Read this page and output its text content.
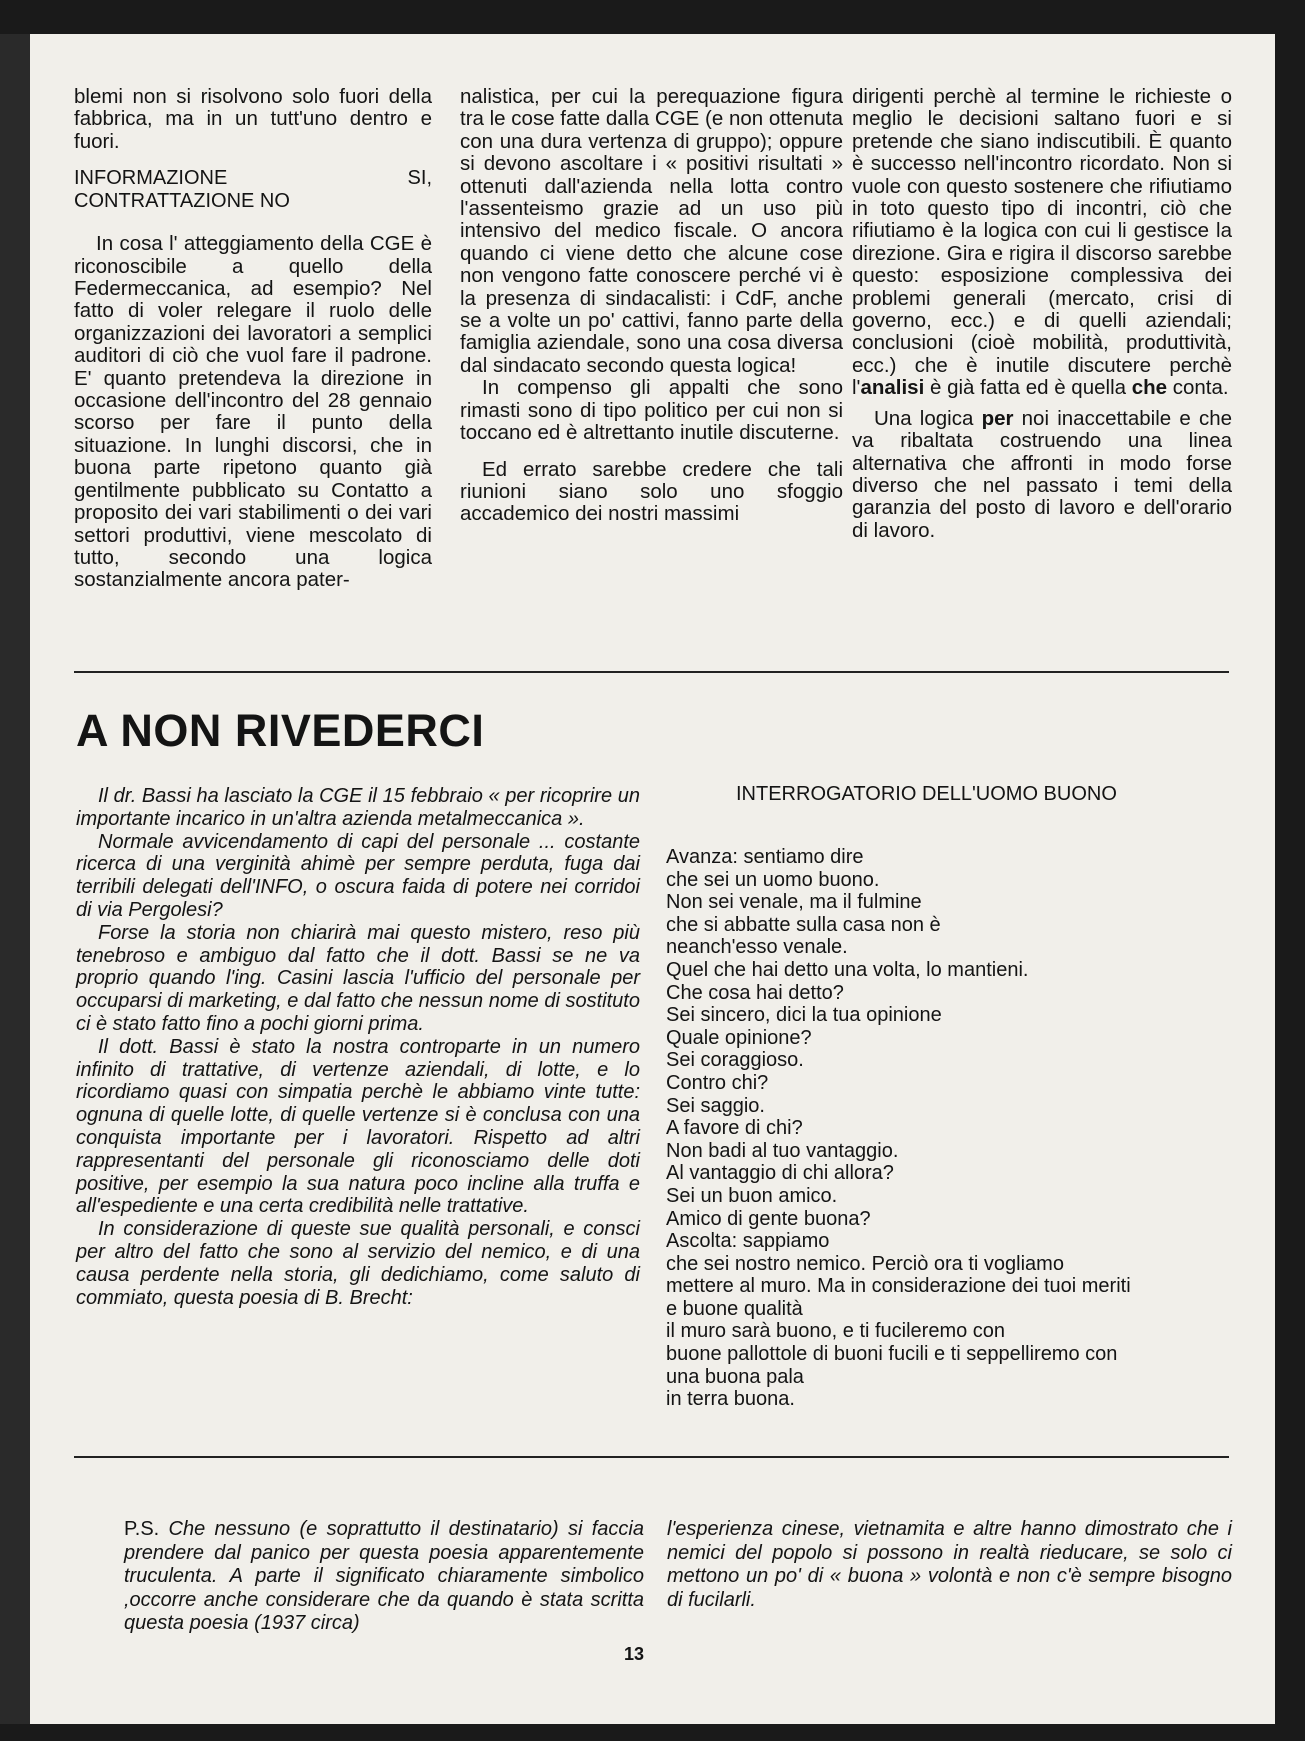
blemi non si risolvono solo fuori della fabbrica, ma in un tutt'uno dentro e fuori.

INFORMAZIONE SI, CONTRATTAZIONE NO

In cosa l' atteggiamento della CGE è riconoscibile a quello della Federmeccanica, ad esempio? Nel fatto di voler relegare il ruolo delle organizzazioni dei lavoratori a semplici auditori di ciò che vuol fare il padrone. E' quanto pretendeva la direzione in occasione dell'incontro del 28 gennaio scorso per fare il punto della situazione. In lunghi discorsi, che in buona parte ripetono quanto già gentilmente pubblicato su Contatto a proposito dei vari stabilimenti o dei vari settori produttivi, viene mescolato di tutto, secondo una logica sostanzialmente ancora pater-

nalistica, per cui la perequazione figura tra le cose fatte dalla CGE (e non ottenuta con una dura vertenza di gruppo); oppure si devono ascoltare i « positivi risultati » ottenuti dall'azienda nella lotta contro l'assenteismo grazie ad un uso più intensivo del medico fiscale. O ancora quando ci viene detto che alcune cose non vengono fatte conoscere perché vi è la presenza di sindacalisti: i CdF, anche se a volte un po' cattivi, fanno parte della famiglia aziendale, sono una cosa diversa dal sindacato secondo questa logica!

In compenso gli appalti che sono rimasti sono di tipo politico per cui non si toccano ed è altrettanto inutile discuterne.

Ed errato sarebbe credere che tali riunioni siano solo uno sfoggio accademico dei nostri massimi

dirigenti perchè al termine le richieste o meglio le decisioni saltano fuori e si pretende che siano indiscutibili. È quanto è successo nell'incontro ricordato. Non si vuole con questo sostenere che rifiutiamo in toto questo tipo di incontri, ciò che rifiutiamo è la logica con cui li gestisce la direzione. Gira e rigira il discorso sarebbe questo: esposizione complessiva dei problemi generali (mercato, crisi di governo, ecc.) e di quelli aziendali; conclusioni (cioè mobilità, produttività, ecc.) che è inutile discutere perchè l'analisi è già fatta ed è quella che conta.

Una logica per noi inaccettabile e che va ribaltata costruendo una linea alternativa che affronti in modo forse diverso che nel passato i temi della garanzia del posto di lavoro e dell'orario di lavoro.

A NON RIVEDERCI

Il dr. Bassi ha lasciato la CGE il 15 febbraio « per ricoprire un importante incarico in un'altra azienda metalmeccanica ».

Normale avvicendamento di capi del personale ... costante ricerca di una verginità ahimè per sempre perduta, fuga dai terribili delegati dell'INFO, o oscura faida di potere nei corridoi di via Pergolesi?

Forse la storia non chiarirà mai questo mistero, reso più tenebroso e ambiguo dal fatto che il dott. Bassi se ne va proprio quando l'ing. Casini lascia l'ufficio del personale per occuparsi di marketing, e dal fatto che nessun nome di sostituto ci è stato fatto fino a pochi giorni prima.

Il dott. Bassi è stato la nostra controparte in un numero infinito di trattative, di vertenze aziendali, di lotte, e lo ricordiamo quasi con simpatia perchè le abbiamo vinte tutte: ognuna di quelle lotte, di quelle vertenze si è conclusa con una conquista importante per i lavoratori. Rispetto ad altri rappresentanti del personale gli riconosciamo delle doti positive, per esempio la sua natura poco incline alla truffa e all'espediente e una certa credibilità nelle trattative.

In considerazione di queste sue qualità personali, e consci per altro del fatto che sono al servizio del nemico, e di una causa perdente nella storia, gli dedichiamo, come saluto di commiato, questa poesia di B. Brecht:

INTERROGATORIO DELL'UOMO BUONO

Avanza: sentiamo dire
che sei un uomo buono.
Non sei venale, ma il fulmine
che si abbatte sulla casa non è
neanch'esso venale.
Quel che hai detto una volta, lo mantieni.
Che cosa hai detto?
Sei sincero, dici la tua opinione
Quale opinione?
Sei coraggioso.
Contro chi?
Sei saggio.
A favore di chi?
Non badi al tuo vantaggio.
Al vantaggio di chi allora?
Sei un buon amico.
Amico di gente buona?
Ascolta: sappiamo
che sei nostro nemico. Perciò ora ti vogliamo
mettere al muro. Ma in considerazione dei tuoi meriti
e buone qualità
il muro sarà buono, e ti fucileremo con
buone pallottole di buoni fucili e ti seppelliremo con
una buona pala
in terra buona.

P.S. Che nessuno (e soprattutto il destinatario) si faccia prendere dal panico per questa poesia apparentemente truculenta. A parte il significato chiaramente simbolico ,occorre anche considerare che da quando è stata scritta questa poesia (1937 circa)

l'esperienza cinese, vietnamita e altre hanno dimostrato che i nemici del popolo si possono in realtà rieducare, se solo ci mettono un po' di « buona » volontà e non c'è sempre bisogno di fucilarli.

13
